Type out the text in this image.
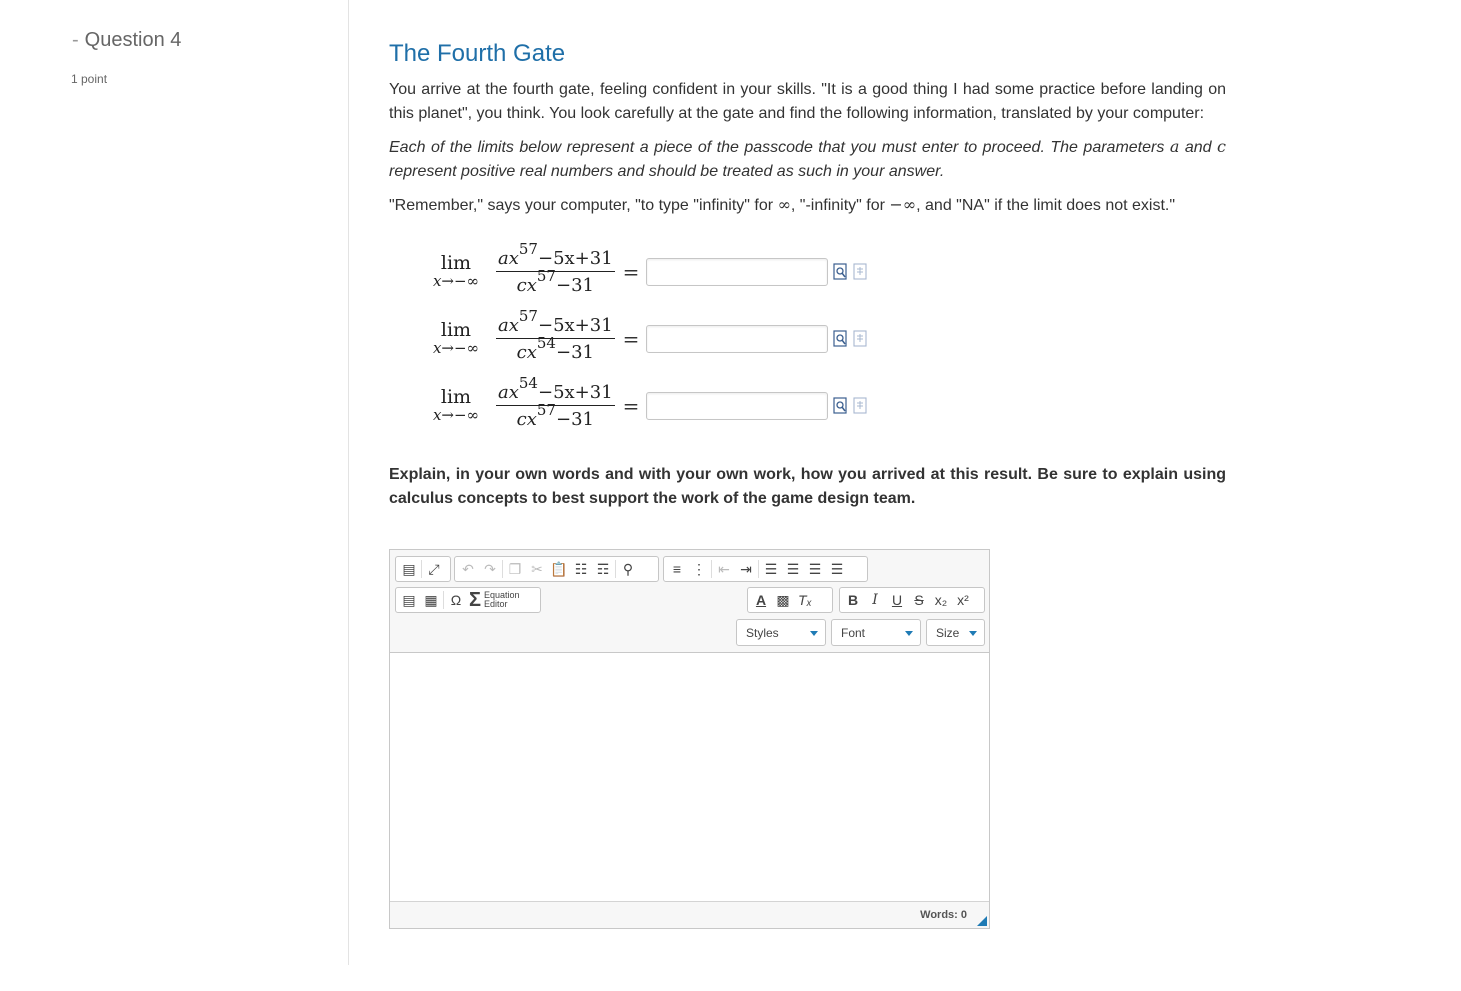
- Question 4
1 point
The Fourth Gate

You arrive at the fourth gate, feeling confident in your skills. "It is a good thing I had some practice before landing on this planet", you think. You look carefully at the gate and find the following information, translated by your computer:

Each of the limits below represent a piece of the passcode that you must enter to proceed. The parameters a and c represent positive real numbers and should be treated as such in your answer.

"Remember," says your computer, "to type "infinity" for ∞, "-infinity" for −∞, and "NA" if the limit does not exist."

lim
$x\to-\infty \frac{ax^{57}-5x+31}{cx^{57}-31}$ =
lim
$x\to-\infty \frac{ax^{57}-5x+31}{cx^{54}-31}$ =
lim
$x\to-\infty \frac{ax^{54}-5x+31}{cx^{57}-31}$ =

Explain, in your own words and with your own work, how you arrived at this result. Be sure to explain using calculus concepts to best support the work of the game design team.

▤ ⤢	↶ ↷ ❐ ✂ 📋 ☷ ☶ ⚲	≡ ⋮ ⇤ ⇥ ☰ ☰ ☰ ☰
▤ ▦ Ω Σ Equation
Editor	A ▩ Tₓ	B	I	U S x₂ x²
Styles	Font	Size
Words: 0
